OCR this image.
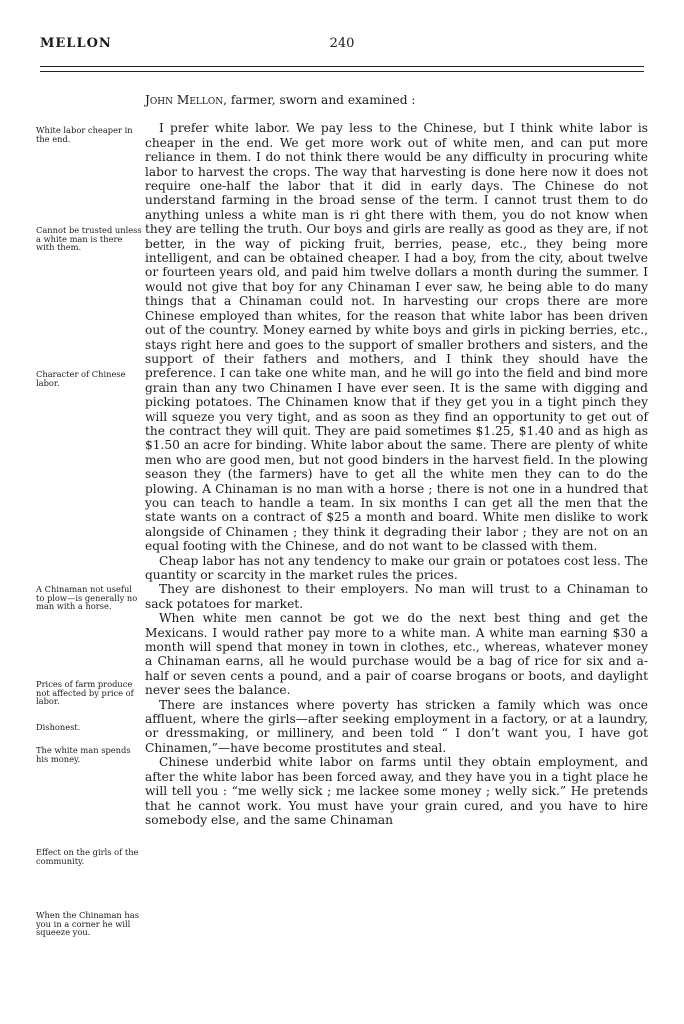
MELLON	240
White labor cheaper in the end.
Cannot be trusted unless a white man is there with them.
Character of Chinese labor.
A Chinaman not useful to plow—is generally no man with a horse.
Prices of farm produce not affected by price of labor.
Dishonest.
The white man spends his money.
Effect on the girls of the community.
When the Chinaman has you in a corner he will squeeze you.

John Mellon, farmer, sworn and examined :

I prefer white labor. We pay less to the Chinese, but I think white labor is cheaper in the end. We get more work out of white men, and can put more reliance in them. I do not think there would be any difficulty in procuring white labor to harvest the crops. The way that harvesting is done here now it does not require one-half the labor that it did in early days. The Chinese do not understand farming in the broad sense of the term. I cannot trust them to do anything unless a white man is ri ght there with them, you do not know when they are telling the truth. Our boys and girls are really as good as they are, if not better, in the way of picking fruit, berries, pease, etc., they being more intelligent, and can be obtained cheaper. I had a boy, from the city, about twelve or fourteen years old, and paid him twelve dollars a month during the summer. I would not give that boy for any Chinaman I ever saw, he being able to do many things that a Chinaman could not. In harvesting our crops there are more Chinese employed than whites, for the reason that white labor has been driven out of the country. Money earned by white boys and girls in picking berries, etc., stays right here and goes to the support of smaller brothers and sisters, and the support of their fathers and mothers, and I think they should have the preference. I can take one white man, and he will go into the field and bind more grain than any two Chinamen I have ever seen. It is the same with digging and picking potatoes. The Chinamen know that if they get you in a tight pinch they will squeze you very tight, and as soon as they find an opportunity to get out of the contract they will quit. They are paid sometimes $1.25, $1.40 and as high as $1.50 an acre for binding. White labor about the same. There are plenty of white men who are good men, but not good binders in the harvest field. In the plowing season they (the farmers) have to get all the white men they can to do the plowing. A Chinaman is no man with a horse ; there is not one in a hundred that you can teach to handle a team. In six months I can get all the men that the state wants on a contract of $25 a month and board. White men dislike to work alongside of Chinamen ; they think it degrading their labor ; they are not on an equal footing with the Chinese, and do not want to be classed with them.

Cheap labor has not any tendency to make our grain or potatoes cost less. The quantity or scarcity in the market rules the prices.

They are dishonest to their employers. No man will trust to a Chinaman to sack potatoes for market.

When white men cannot be got we do the next best thing and get the Mexicans. I would rather pay more to a white man. A white man earning $30 a month will spend that money in town in clothes, etc., whereas, whatever money a Chinaman earns, all he would purchase would be a bag of rice for six and a-half or seven cents a pound, and a pair of coarse brogans or boots, and daylight never sees the balance.

There are instances where poverty has stricken a family which was once affluent, where the girls—after seeking employment in a factory, or at a laundry, or dressmaking, or millinery, and been told “ I don’t want you, I have got Chinamen,”—have become prostitutes and steal.

Chinese underbid white labor on farms until they obtain employment, and after the white labor has been forced away, and they have you in a tight place he will tell you : “me welly sick ; me lackee some money ; welly sick.” He pretends that he cannot work. You must have your grain cured, and you have to hire somebody else, and the same Chinaman
